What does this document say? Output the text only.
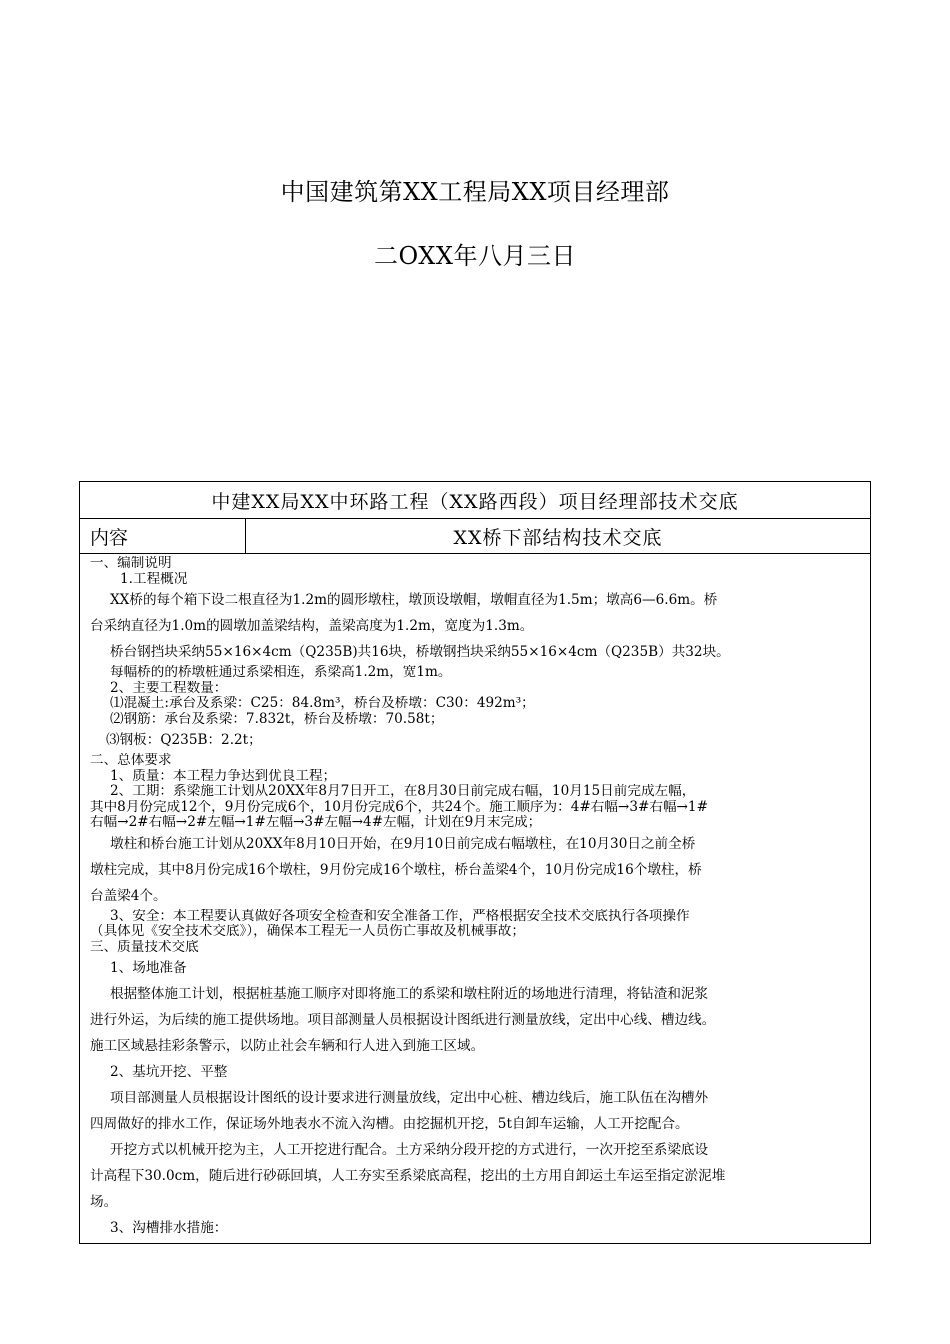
中国建筑第XX工程局XX项目经理部
二OXX年八月三日
中建XX局XX中环路工程（XX路西段）项目经理部技术交底
内容	XX桥下部结构技术交底
一、编制说明
1.工程概况
XX桥的每个箱下设二根直径为1.2m的圆形墩柱，墩顶设墩帽，墩帽直径为1.5m；墩高6—6.6m。桥
台采纳直径为1.0m的圆墩加盖梁结构，盖梁高度为1.2m，宽度为1.3m。
桥台钢挡块采纳55×16×4cm（Q235B)共16块，桥墩钢挡块采纳55×16×4cm（Q235B）共32块。
每幅桥的的桥墩桩通过系梁相连，系梁高1.2m，宽1m。
2、主要工程数量：
⑴混凝土:承台及系梁：C25：84.8m³，桥台及桥墩：C30：492m³；
⑵钢筋：承台及系梁：7.832t，桥台及桥墩：70.58t；
⑶钢板：Q235B：2.2t；
二、总体要求
1、质量：本工程力争达到优良工程；
2、工期：系梁施工计划从20XX年8月7日开工，在8月30日前完成右幅，10月15日前完成左幅，
其中8月份完成12个，9月份完成6个，10月份完成6个，共24个。施工顺序为：4#右幅→3#右幅→1#
右幅→2#右幅→2#左幅→1#左幅→3#左幅→4#左幅，计划在9月末完成；
墩柱和桥台施工计划从20XX年8月10日开始，在9月10日前完成右幅墩柱，在10月30日之前全桥
墩柱完成，其中8月份完成16个墩柱，9月份完成16个墩柱，桥台盖梁4个，10月份完成16个墩柱，桥
台盖梁4个。
3、安全：本工程要认真做好各项安全检查和安全准备工作，严格根据安全技术交底执行各项操作
（具体见《安全技术交底》），确保本工程无一人员伤亡事故及机械事故；
三、质量技术交底
1、场地准备
根据整体施工计划，根据桩基施工顺序对即将施工的系梁和墩柱附近的场地进行清理，将钻渣和泥浆
进行外运，为后续的施工提供场地。项目部测量人员根据设计图纸进行测量放线，定出中心线、槽边线。
施工区域悬挂彩条警示，以防止社会车辆和行人进入到施工区域。
2、基坑开挖、平整
项目部测量人员根据设计图纸的设计要求进行测量放线，定出中心桩、槽边线后，施工队伍在沟槽外
四周做好的排水工作，保证场外地表水不流入沟槽。由挖掘机开挖，5t自卸车运输，人工开挖配合。
开挖方式以机械开挖为主，人工开挖进行配合。土方采纳分段开挖的方式进行，一次开挖至系梁底设
计高程下30.0cm，随后进行砂砾回填，人工夯实至系梁底高程，挖出的土方用自卸运土车运至指定淤泥堆
场。
3、沟槽排水措施：
